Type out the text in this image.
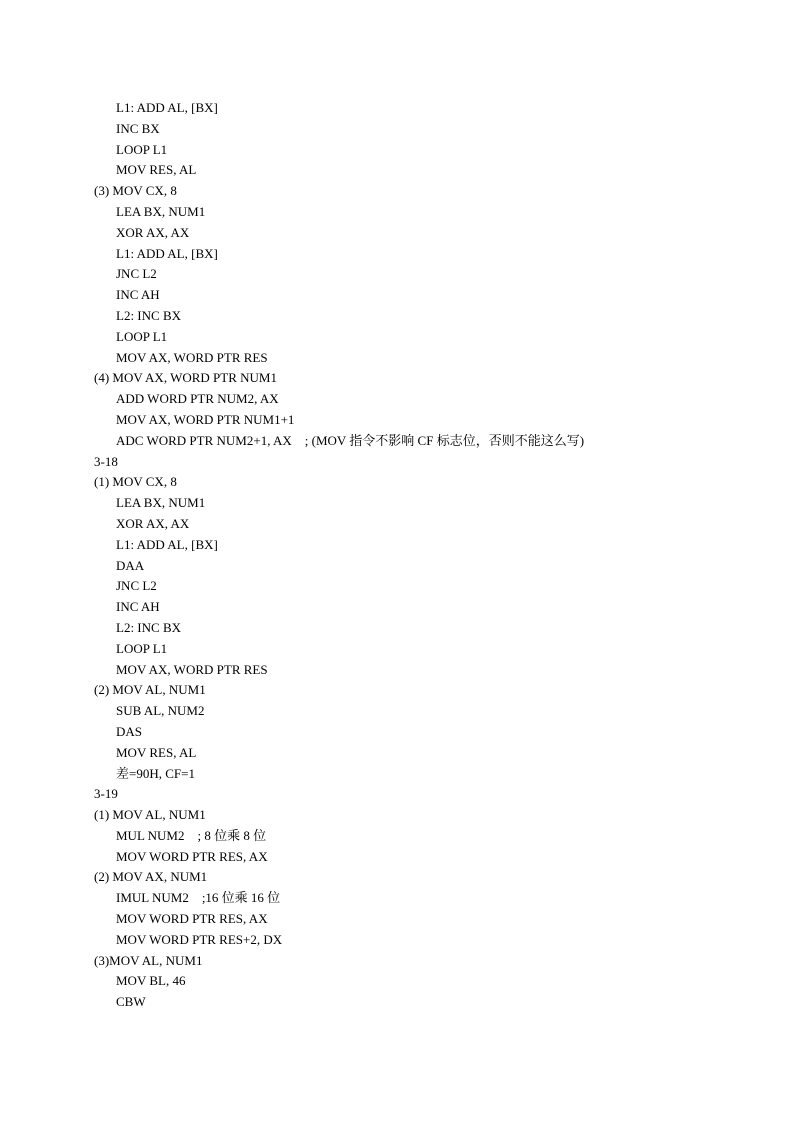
L1: ADD AL, [BX]
INC BX
LOOP L1
MOV RES, AL
(3) MOV CX, 8
LEA BX, NUM1
XOR AX, AX
L1: ADD AL, [BX]
JNC L2
INC AH
L2: INC BX
LOOP L1
MOV AX, WORD PTR RES
(4) MOV AX, WORD PTR NUM1
ADD WORD PTR NUM2, AX
MOV AX, WORD PTR NUM1+1
ADC WORD PTR NUM2+1, AX    ; (MOV 指令不影响 CF 标志位，否则不能这么写)
3-18
(1) MOV CX, 8
LEA BX, NUM1
XOR AX, AX
L1: ADD AL, [BX]
DAA
JNC L2
INC AH
L2: INC BX
LOOP L1
MOV AX, WORD PTR RES
(2) MOV AL, NUM1
SUB AL, NUM2
DAS
MOV RES, AL
差=90H, CF=1
3-19
(1) MOV AL, NUM1
MUL NUM2    ; 8 位乘 8 位
MOV WORD PTR RES, AX
(2) MOV AX, NUM1
IMUL NUM2    ;16 位乘 16 位
MOV WORD PTR RES, AX
MOV WORD PTR RES+2, DX
(3)MOV AL, NUM1
MOV BL, 46
CBW
